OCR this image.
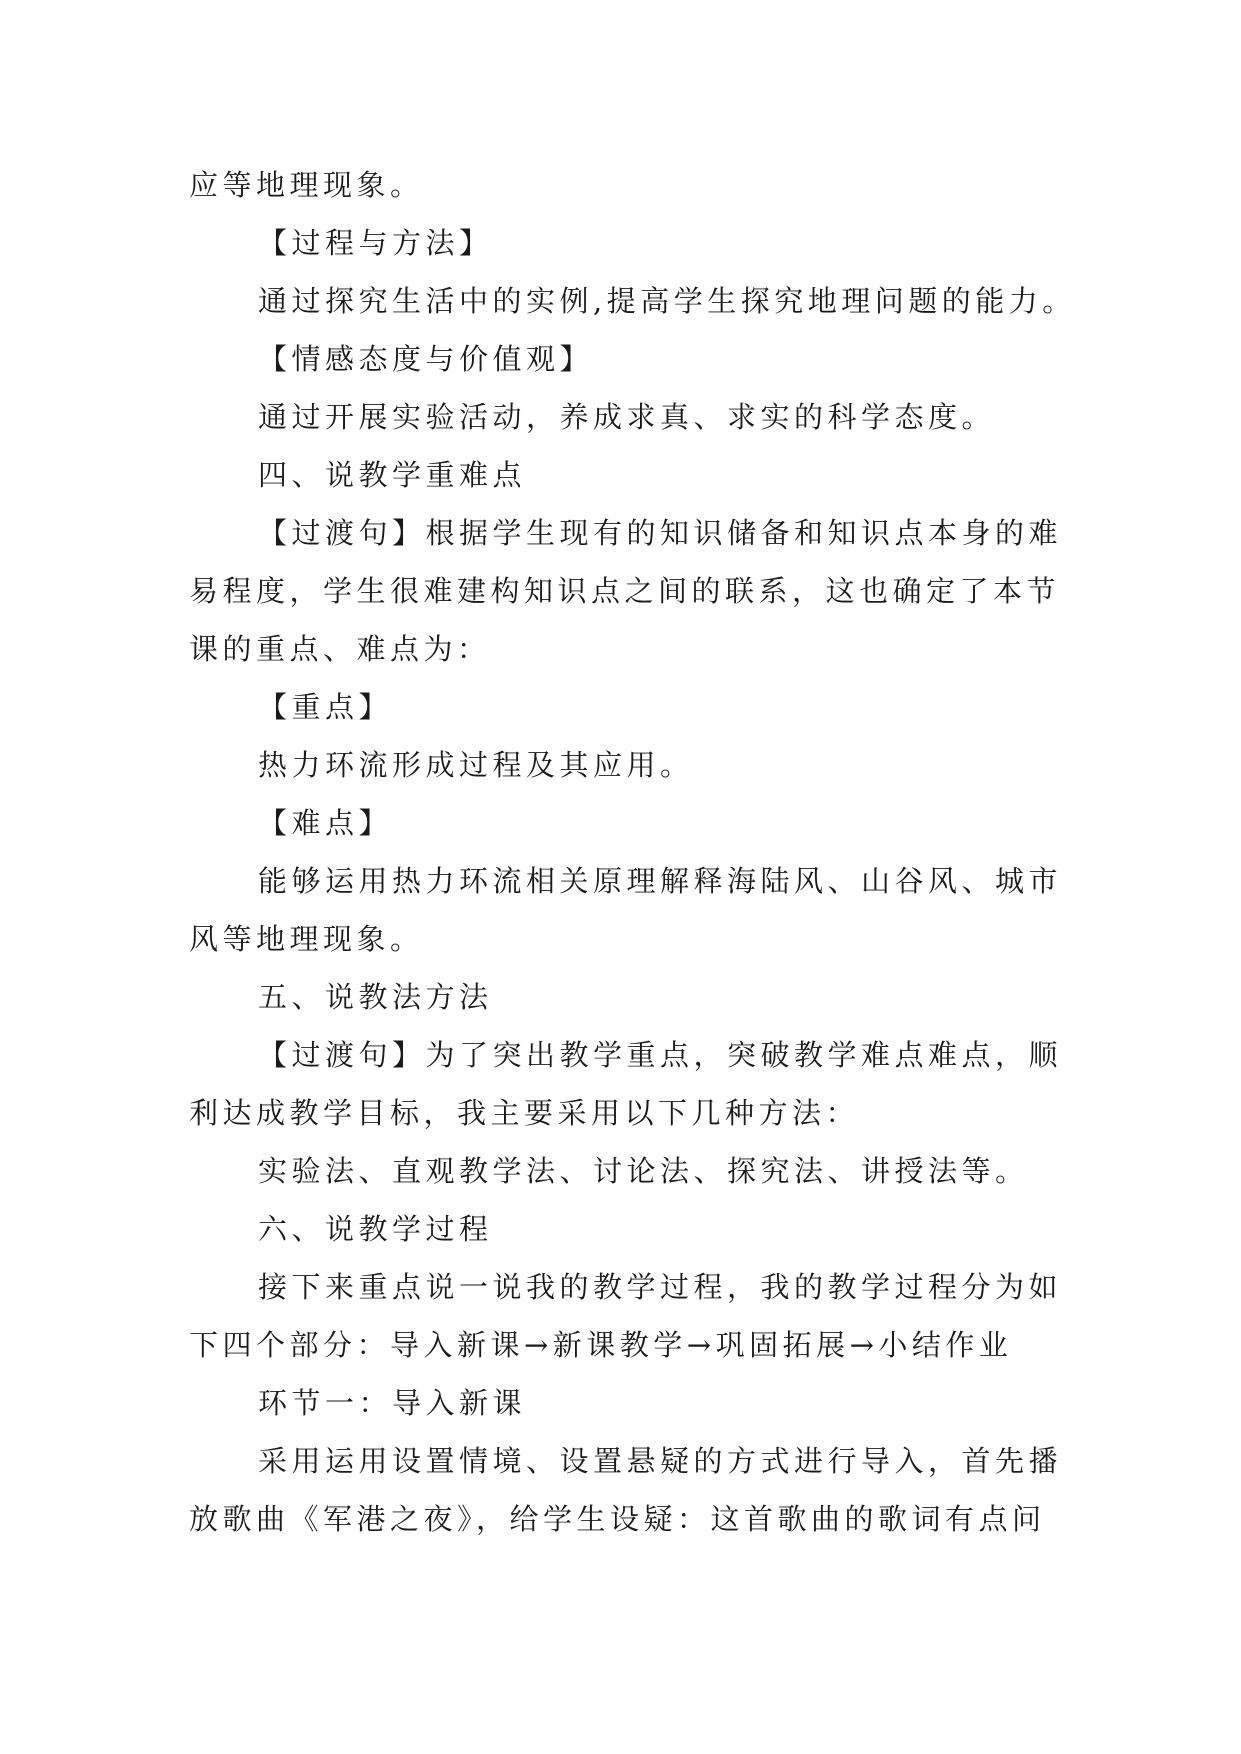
应等地理现象。
【过程与方法】
通过探究生活中的实例,提高学生探究地理问题的能力。
【情感态度与价值观】
通过开展实验活动，养成求真、求实的科学态度。
四、说教学重难点
【过渡句】根据学生现有的知识储备和知识点本身的难
易程度，学生很难建构知识点之间的联系，这也确定了本节
课的重点、难点为：
【重点】
热力环流形成过程及其应用。
【难点】
能够运用热力环流相关原理解释海陆风、山谷风、城市
风等地理现象。
五、说教法方法
【过渡句】为了突出教学重点，突破教学难点难点，顺
利达成教学目标，我主要采用以下几种方法：
实验法、直观教学法、讨论法、探究法、讲授法等。
六、说教学过程
接下来重点说一说我的教学过程，我的教学过程分为如
下四个部分：导入新课→新课教学→巩固拓展→小结作业
环节一：导入新课
采用运用设置情境、设置悬疑的方式进行导入，首先播
放歌曲《军港之夜》，给学生设疑：这首歌曲的歌词有点问
